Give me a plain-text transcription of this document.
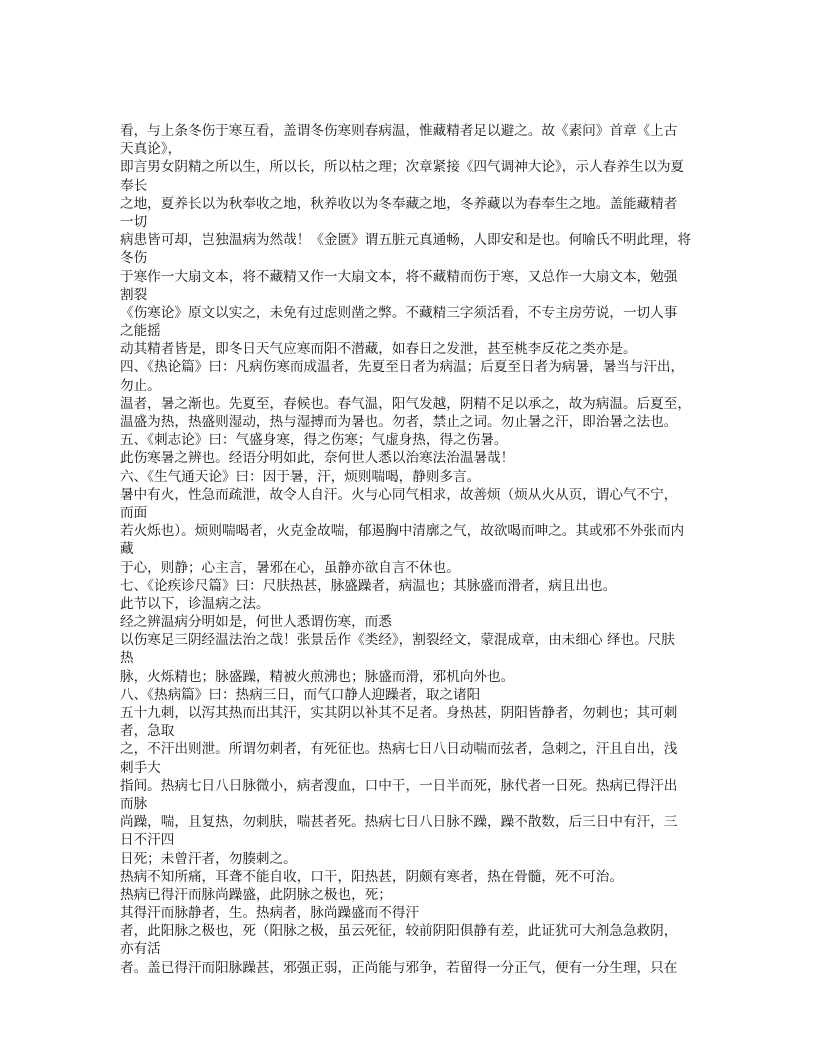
看，与上条冬伤于寒互看，盖谓冬伤寒则春病温，惟藏精者足以避之。故《素问》首章《上古
天真论》，
即言男女阴精之所以生，所以长，所以枯之理；次章紧接《四气调神大论》，示人春养生以为夏
奉长
之地，夏养长以为秋奉收之地，秋养收以为冬奉藏之地，冬养藏以为春奉生之地。盖能藏精者
一切
病患皆可却，岂独温病为然哉！《金匮》谓五脏元真通畅，人即安和是也。何喻氏不明此理，将
冬伤
于寒作一大扇文本，将不藏精又作一大扇文本，将不藏精而伤于寒，又总作一大扇文本，勉强
割裂
《伤寒论》原文以实之，未免有过虑则凿之弊。不藏精三字须活看，不专主房劳说，一切人事
之能摇
动其精者皆是，即冬日天气应寒而阳不潜藏，如春日之发泄，甚至桃李反花之类亦是。
四、《热论篇》曰：凡病伤寒而成温者，先夏至日者为病温；后夏至日者为病暑，暑当与汗出，
勿止。
温者，暑之渐也。先夏至，春候也。春气温，阳气发越，阴精不足以承之，故为病温。后夏至，
温盛为热，热盛则湿动，热与湿搏而为暑也。勿者，禁止之词。勿止暑之汗，即治暑之法也。
五、《刺志论》曰：气盛身寒，得之伤寒；气虚身热，得之伤暑。
此伤寒暑之辨也。经语分明如此，奈何世人悉以治寒法治温暑哉！
六、《生气通天论》曰：因于暑，汗，烦则喘喝，静则多言。
暑中有火，性急而疏泄，故令人自汗。火与心同气相求，故善烦（烦从火从页，谓心气不宁，
而面
若火烁也）。烦则喘喝者，火克金故喘，郁遏胸中清廓之气，故欲喝而呻之。其或邪不外张而内
藏
于心，则静；心主言，暑邪在心，虽静亦欲自言不休也。
七、《论疾诊尺篇》曰：尺肤热甚，脉盛躁者，病温也；其脉盛而滑者，病且出也。
此节以下，诊温病之法。
经之辨温病分明如是，何世人悉谓伤寒，而悉
以伤寒足三阴经温法治之哉！张景岳作《类经》，割裂经文，蒙混成章，由未细心 绎也。尺肤
热
脉，火烁精也；脉盛躁，精被火煎沸也；脉盛而滑，邪机向外也。
八、《热病篇》曰：热病三日，而气口静人迎躁者，取之诸阳
五十九刺，以泻其热而出其汗，实其阴以补其不足者。身热甚，阴阳皆静者，勿刺也；其可刺
者，急取
之，不汗出则泄。所谓勿刺者，有死征也。热病七日八日动喘而弦者，急刺之，汗且自出，浅
刺手大
指间。热病七日八日脉微小，病者溲血，口中干，一日半而死，脉代者一日死。热病已得汗出
而脉
尚躁，喘，且复热，勿刺肤，喘甚者死。热病七日八日脉不躁，躁不散数，后三日中有汗，三
日不汗四
日死；未曾汗者，勿腠刺之。
热病不知所痛，耳聋不能自收，口干，阳热甚，阴颇有寒者，热在骨髓，死不可治。
热病已得汗而脉尚躁盛，此阴脉之极也，死；
其得汗而脉静者，生。热病者，脉尚躁盛而不得汗
者，此阳脉之极也，死（阳脉之极，虽云死征，较前阴阳俱静有差，此证犹可大剂急急救阴，
亦有活
者。盖已得汗而阳脉躁甚，邪强正弱，正尚能与邪争，若留得一分正气，便有一分生理，只在
